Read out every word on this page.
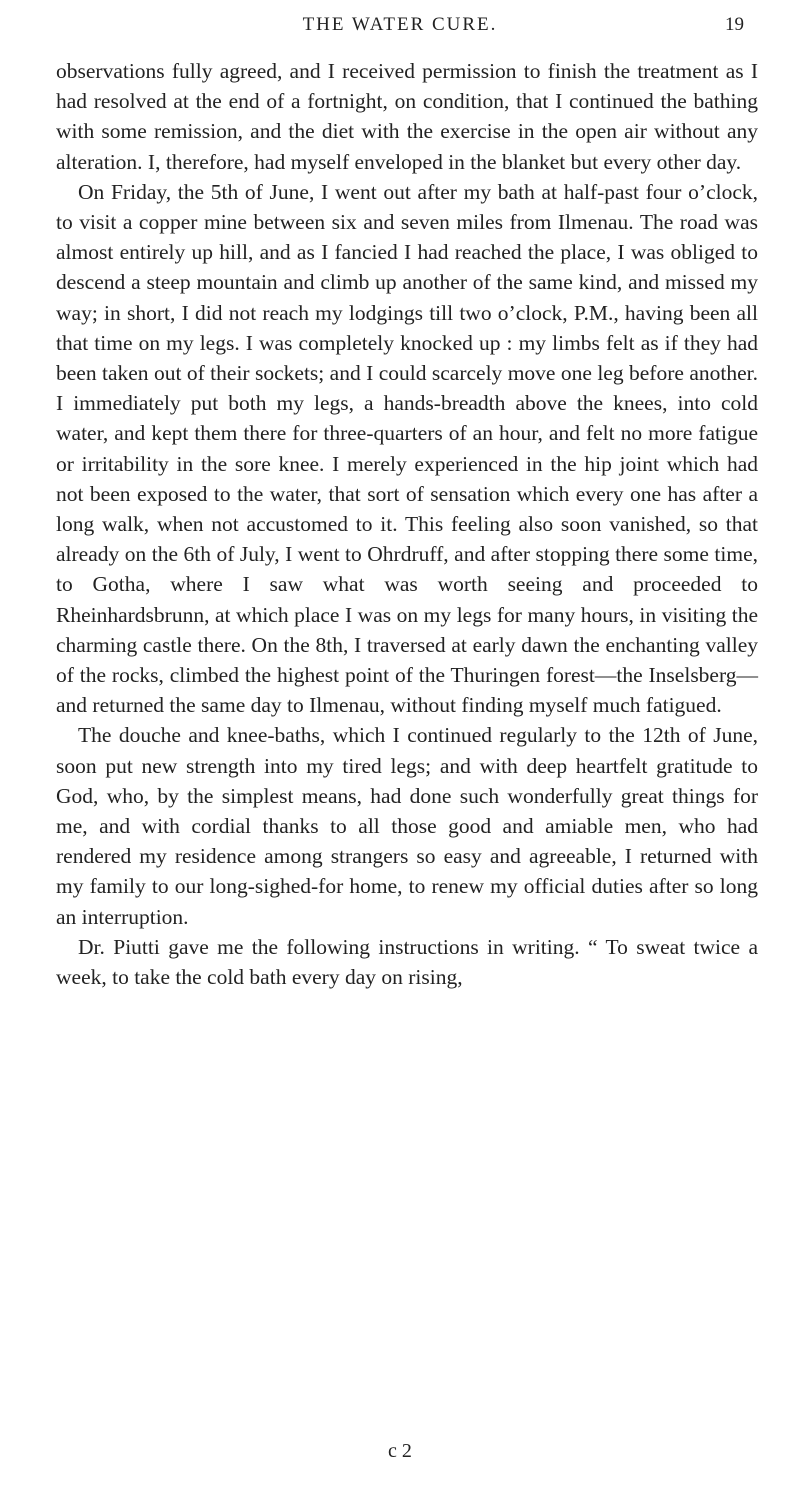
THE WATER CURE.	19

observations fully agreed, and I received permission to finish the treatment as I had resolved at the end of a fortnight, on condition, that I continued the bathing with some remission, and the diet with the exercise in the open air without any alteration. I, therefore, had myself enveloped in the blanket but every other day.

On Friday, the 5th of June, I went out after my bath at half-past four o’clock, to visit a copper mine between six and seven miles from Ilmenau. The road was almost entirely up hill, and as I fancied I had reached the place, I was obliged to descend a steep mountain and climb up another of the same kind, and missed my way; in short, I did not reach my lodgings till two o’clock, P.M., having been all that time on my legs. I was completely knocked up : my limbs felt as if they had been taken out of their sockets; and I could scarcely move one leg before another. I immediately put both my legs, a hands-breadth above the knees, into cold water, and kept them there for three-quarters of an hour, and felt no more fatigue or irritability in the sore knee. I merely experienced in the hip joint which had not been exposed to the water, that sort of sensation which every one has after a long walk, when not accustomed to it. This feeling also soon vanished, so that already on the 6th of July, I went to Ohrdruff, and after stopping there some time, to Gotha, where I saw what was worth seeing and proceeded to Rheinhardsbrunn, at which place I was on my legs for many hours, in visiting the charming castle there. On the 8th, I traversed at early dawn the enchanting valley of the rocks, climbed the highest point of the Thuringen forest—the Inselsberg—and returned the same day to Ilmenau, without finding myself much fatigued.

The douche and knee-baths, which I continued regularly to the 12th of June, soon put new strength into my tired legs; and with deep heartfelt gratitude to God, who, by the simplest means, had done such wonderfully great things for me, and with cordial thanks to all those good and amiable men, who had rendered my residence among strangers so easy and agreeable, I returned with my family to our long-sighed-for home, to renew my official duties after so long an interruption.

Dr. Piutti gave me the following instructions in writing. “ To sweat twice a week, to take the cold bath every day on rising,

c 2
